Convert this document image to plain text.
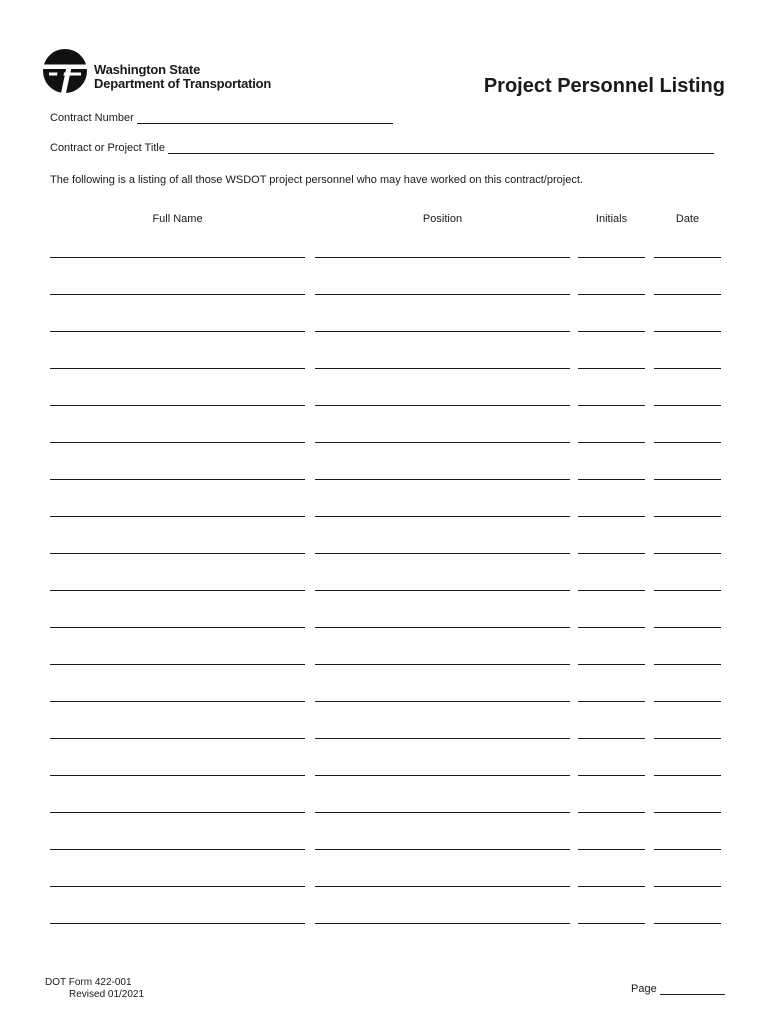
Washington State
Department of Transportation	Project Personnel Listing
Contract Number
Contract or Project Title

The following is a listing of all those WSDOT project personnel who may have worked on this contract/project.

Full Name	Position	Initials	Date
DOT Form 422-001
Revised 01/2021	Page
